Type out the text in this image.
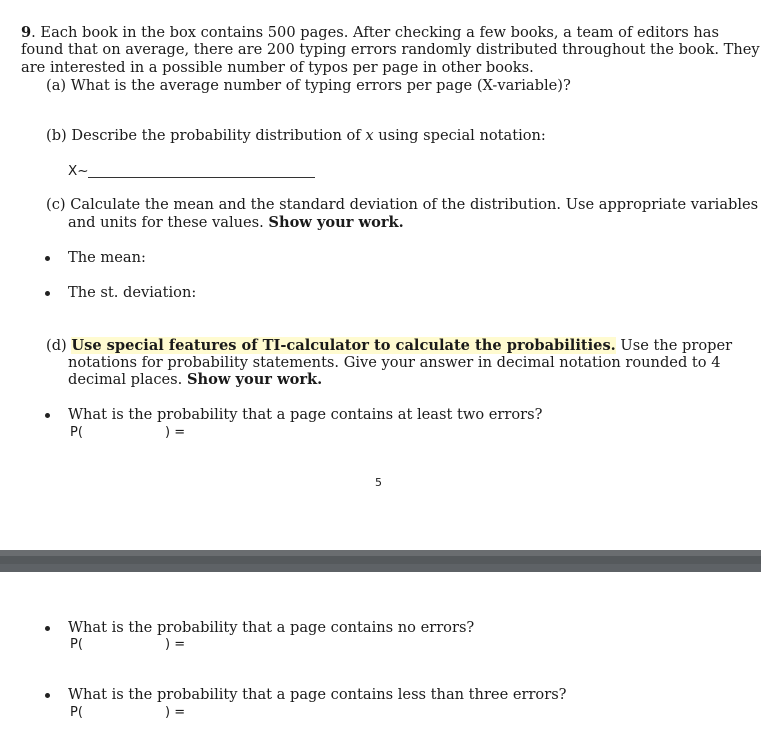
9. Each book in the box contains 500 pages. After checking a few books, a team of editors has
found that on average, there are 200 typing errors randomly distributed throughout the book. They
are interested in a possible number of typos per page in other books.
(a) What is the average number of typing errors per page (X-variable)?
(b) Describe the probability distribution of x using special notation:
X~
(c) Calculate the mean and the standard deviation of the distribution. Use appropriate variables
and units for these values. Show your work.
The mean:
The st. deviation:
(d) Use special features of TI-calculator to calculate the probabilities. Use the proper
notations for probability statements. Give your answer in decimal notation rounded to 4
decimal places. Show your work.
What is the probability that a page contains at least two errors?
P(	) =
5
What is the probability that a page contains no errors?
P(	) =
What is the probability that a page contains less than three errors?
P(	) =
